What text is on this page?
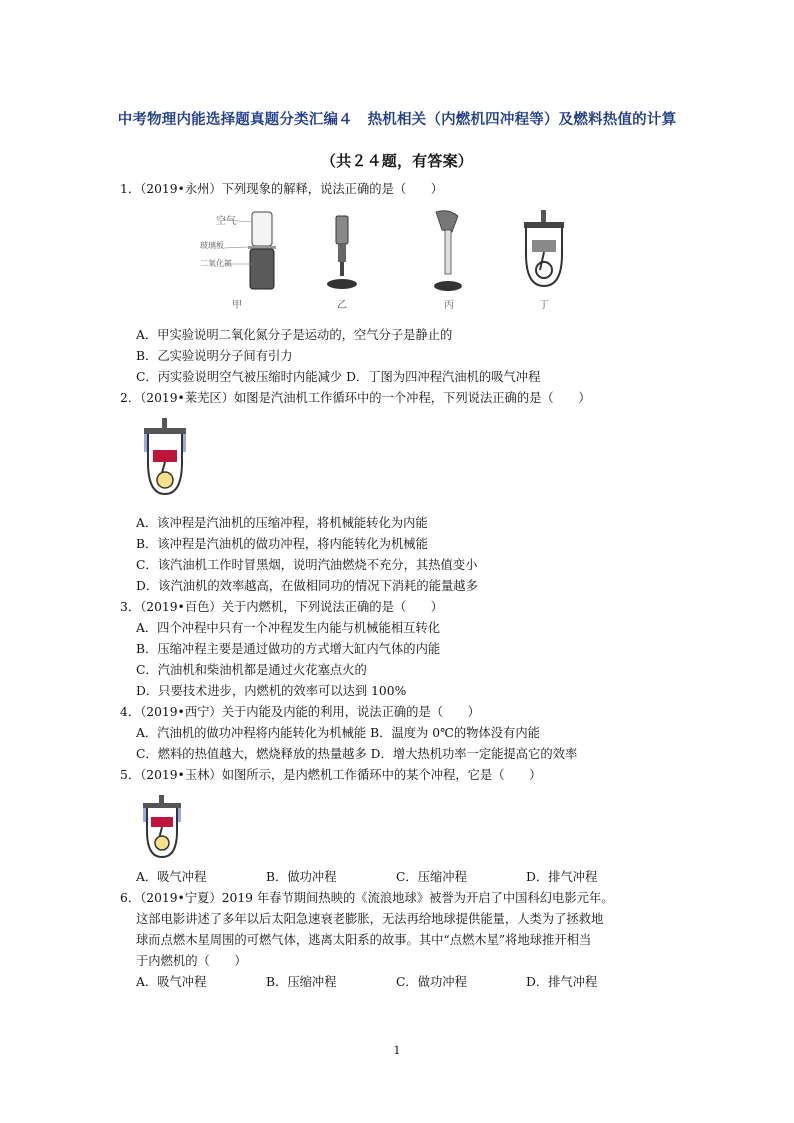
中考物理内能选择题真题分类汇编４　热机相关（内燃机四冲程等）及燃料热值的计算
（共２４题，有答案）
1．（2019•永州）下列现象的解释，说法正确的是（　　）
空气
玻璃板
二氧化氮
甲	乙	丙	丁
A．甲实验说明二氧化氮分子是运动的，空气分子是静止的
B．乙实验说明分子间有引力
C．丙实验说明空气被压缩时内能减少 D．丁图为四冲程汽油机的吸气冲程
2．（2019•莱芜区）如图是汽油机工作循环中的一个冲程，下列说法正确的是（　　）
A．该冲程是汽油机的压缩冲程，将机械能转化为内能
B．该冲程是汽油机的做功冲程，将内能转化为机械能
C．该汽油机工作时冒黑烟，说明汽油燃烧不充分，其热值变小
D．该汽油机的效率越高，在做相同功的情况下消耗的能量越多
3．（2019•百色）关于内燃机，下列说法正确的是（　　）
A．四个冲程中只有一个冲程发生内能与机械能相互转化
B．压缩冲程主要是通过做功的方式增大缸内气体的内能
C．汽油机和柴油机都是通过火花塞点火的
D．只要技术进步，内燃机的效率可以达到 100%
4．（2019•西宁）关于内能及内能的利用，说法正确的是（　　）
A．汽油机的做功冲程将内能转化为机械能 B．温度为 0℃的物体没有内能
C．燃料的热值越大，燃烧释放的热量越多 D．增大热机功率一定能提高它的效率
5．（2019•玉林）如图所示，是内燃机工作循环中的某个冲程，它是（　　）
A．吸气冲程	B．做功冲程	C．压缩冲程	D．排气冲程
6．（2019•宁夏）2019 年春节期间热映的《流浪地球》被誉为开启了中国科幻电影元年。
这部电影讲述了多年以后太阳急速衰老膨胀，无法再给地球提供能量，人类为了拯救地
球而点燃木星周围的可燃气体，逃离太阳系的故事。其中“点燃木星”将地球推开相当
于内燃机的（　　）
A．吸气冲程	B．压缩冲程	C．做功冲程	D．排气冲程
1
